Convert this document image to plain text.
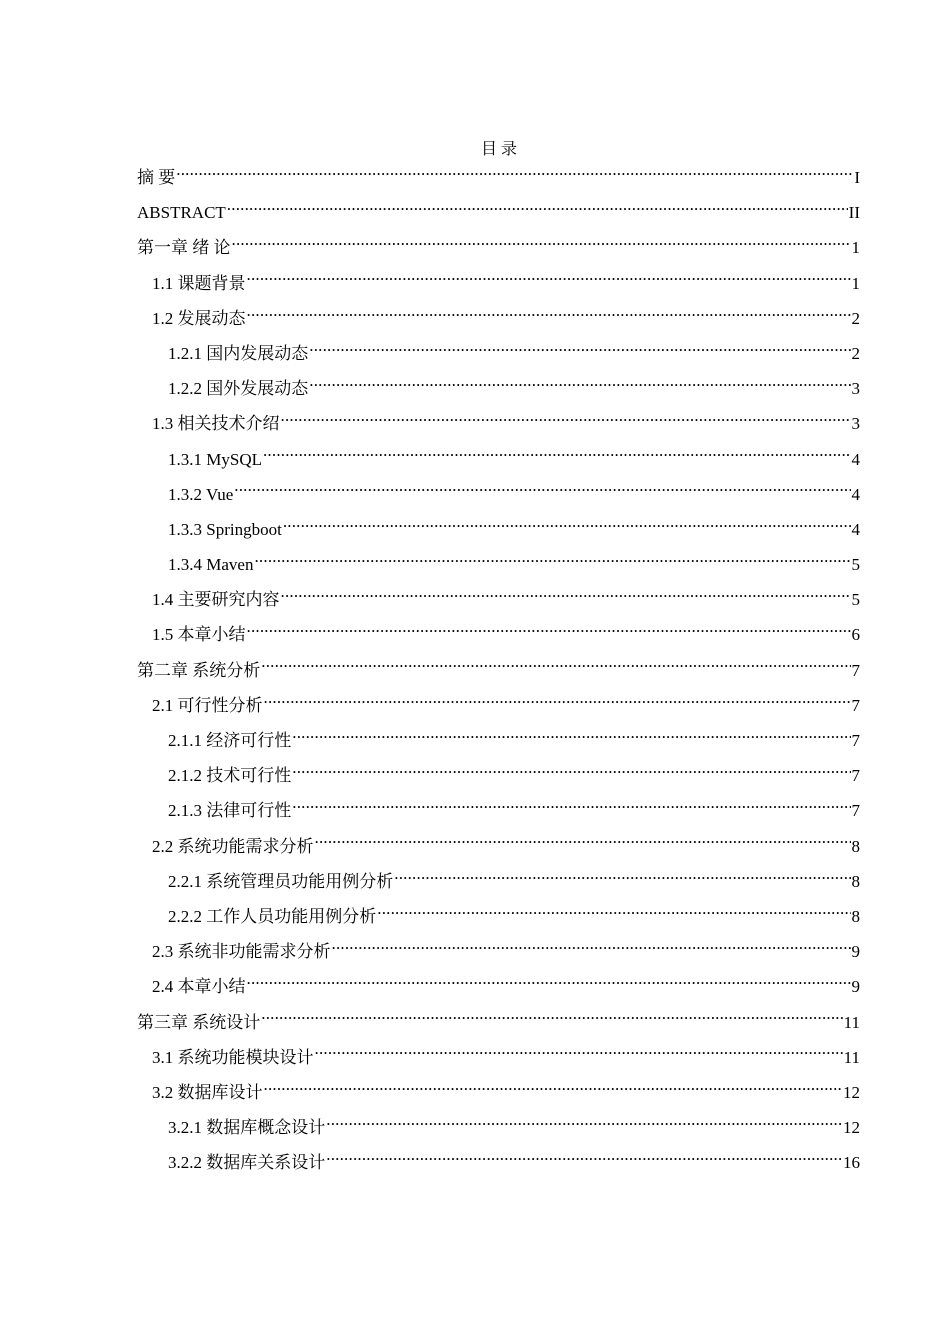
目 录
摘 要 .....	I
ABSTRACT .....	II
第一章 绪 论 .....	1
1.1 课题背景 .....	1
1.2 发展动态 .....	2
1.2.1 国内发展动态 .....	2
1.2.2 国外发展动态 .....	3
1.3 相关技术介绍 .....	3
1.3.1 MySQL .....	4
1.3.2 Vue .....	4
1.3.3 Springboot .....	4
1.3.4 Maven .....	5
1.4 主要研究内容 .....	5
1.5 本章小结 .....	6
第二章 系统分析 .....	7
2.1 可行性分析 .....	7
2.1.1 经济可行性 .....	7
2.1.2 技术可行性 .....	7
2.1.3 法律可行性 .....	7
2.2 系统功能需求分析 .....	8
2.2.1 系统管理员功能用例分析 .....	8
2.2.2 工作人员功能用例分析 .....	8
2.3 系统非功能需求分析 .....	9
2.4 本章小结 .....	9
第三章 系统设计 .....	11
3.1 系统功能模块设计 .....	11
3.2 数据库设计 .....	12
3.2.1 数据库概念设计 .....	12
3.2.2 数据库关系设计 .....	16
